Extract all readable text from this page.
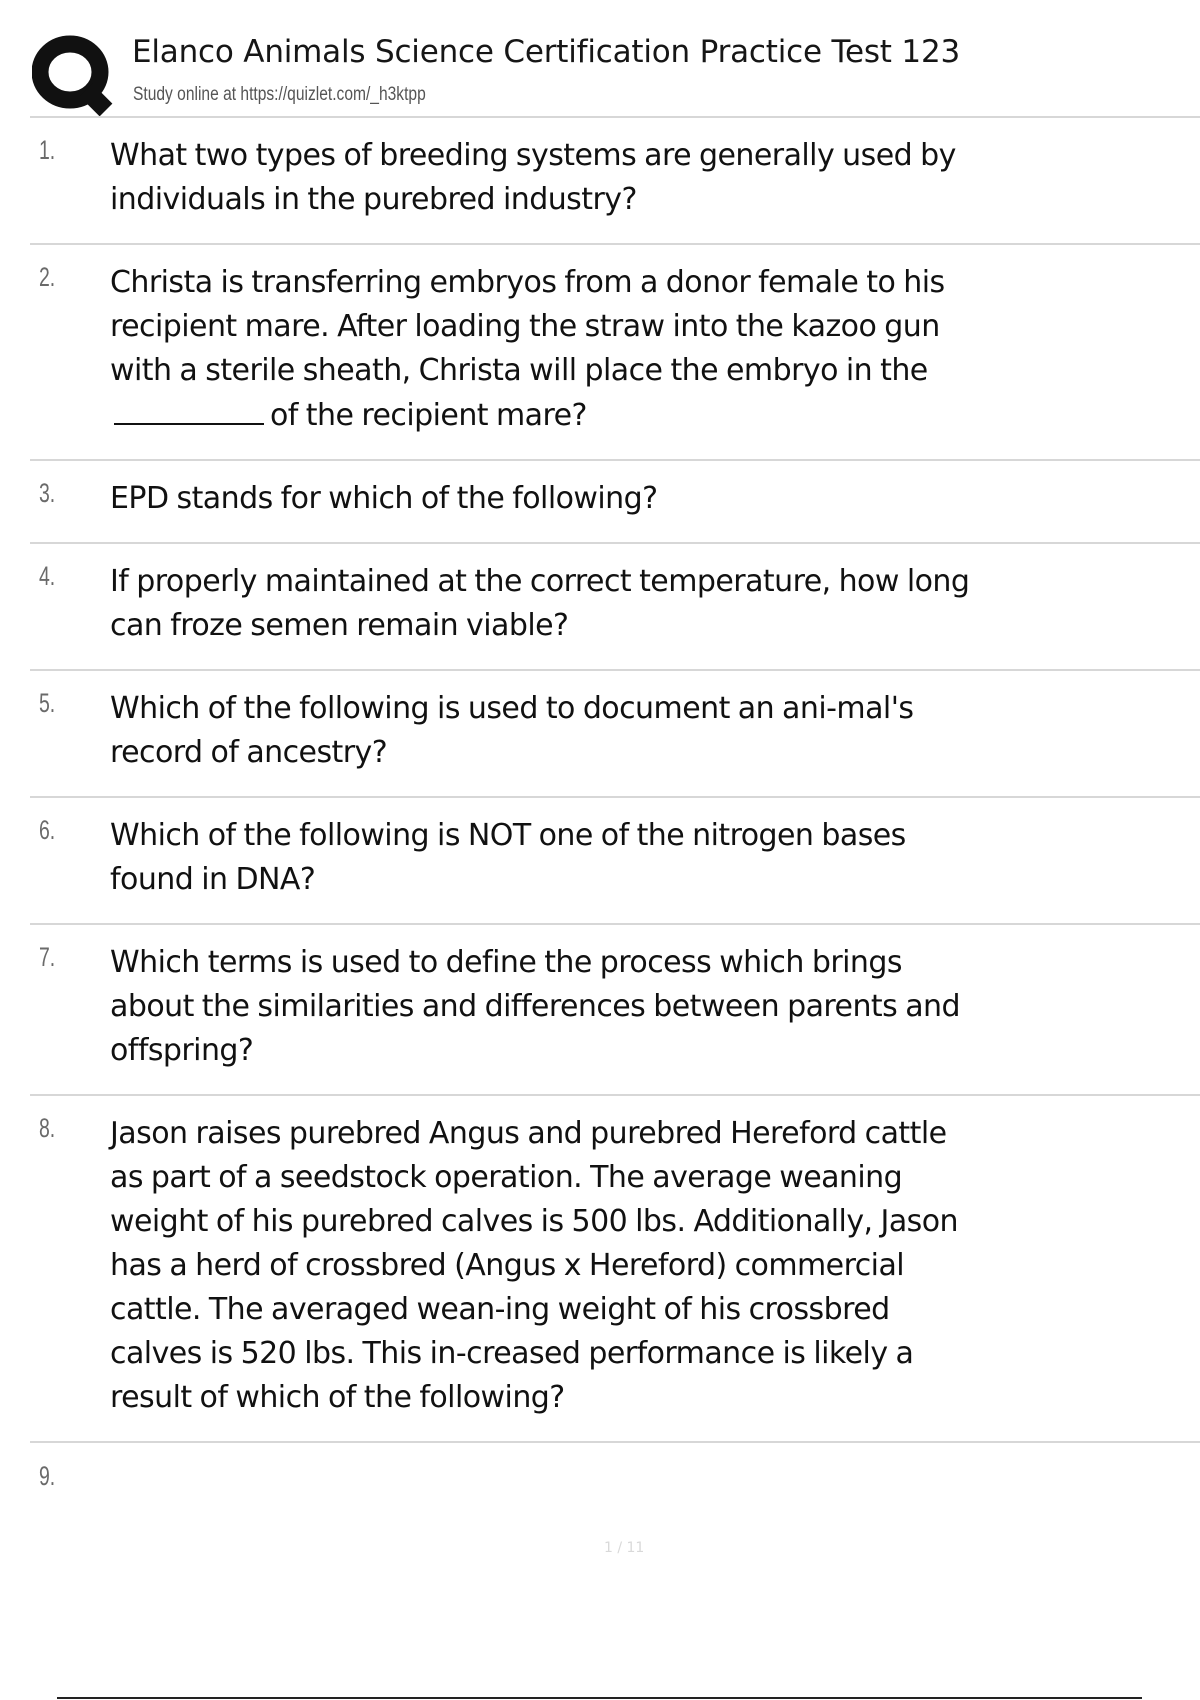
Elanco Animals Science Certification Practice Test 123
Study online at https://quizlet.com/_h3ktpp
1. What two types of breeding systems are generally used by individuals in the purebred industry?
2. Christa is transferring embryos from a donor female to his recipient mare. After loading the straw into the kazoo gun with a sterile sheath, Christa will place the embryo in theof the recipient mare?
3. EPD stands for which of the following?
4. If properly maintained at the correct temperature, how long can froze semen remain viable?
5. Which of the following is used to document an ani-mal's record of ancestry?
6. Which of the following is NOT one of the nitrogen bases found in DNA?
7. Which terms is used to define the process which brings about the similarities and differences between parents and offspring?
8. Jason raises purebred Angus and purebred Hereford cattle as part of a seedstock operation. The average weaning weight of his purebred calves is 500 lbs. Additionally, Jason has a herd of crossbred (Angus x Hereford) commercial cattle. The averaged wean-ing weight of his crossbred calves is 520 lbs. This in-creased performance is likely a result of which of the following?
9.
1 / 11
